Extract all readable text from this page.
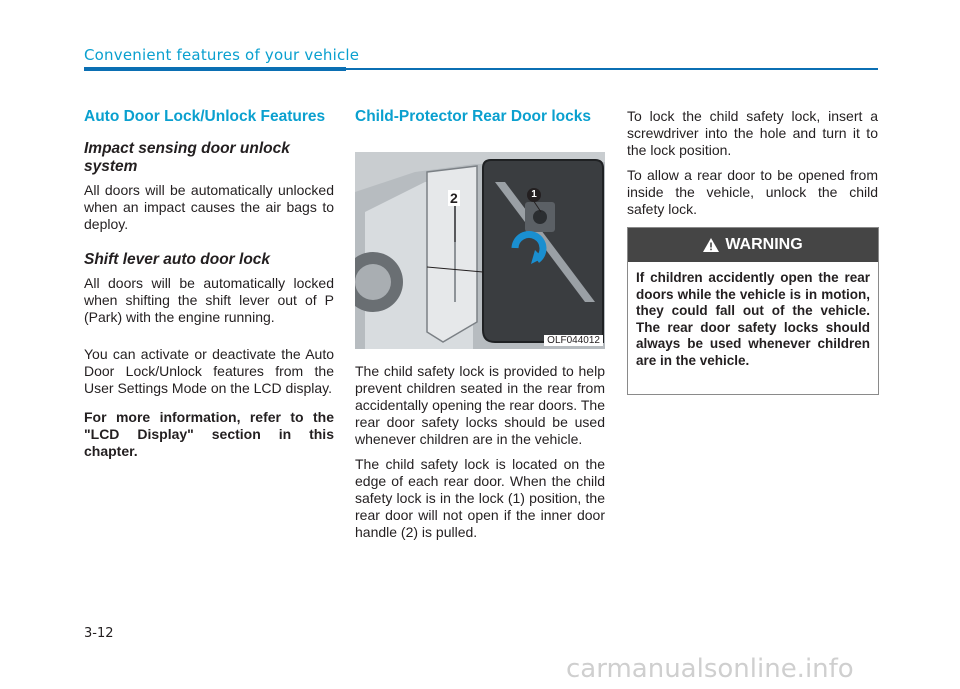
Convenient features of your vehicle
Auto Door Lock/Unlock Features
Impact sensing door unlock system

All doors will be automatically unlocked when an impact causes the air bags to deploy.

Shift lever auto door lock

All doors will be automatically locked when shifting the shift lever out of P (Park) with the engine running.

You can activate or deactivate the Auto Door Lock/Unlock features from the User Settings Mode on the LCD display.

For more information, refer to the "LCD Display" section in this chapter.

Child-Protector Rear Door locks
2	1
OLF044012

The child safety lock is provided to help prevent children seated in the rear from accidentally opening the rear doors. The rear door safety locks should be used whenever children are in the vehicle.

The child safety lock is located on the edge of each rear door. When the child safety lock is in the lock (1) position, the rear door will not open if the inner door handle (2) is pulled.

To lock the child safety lock, insert a screwdriver into the hole and turn it to the lock position.

To allow a rear door to be opened from inside the vehicle, unlock the child safety lock.

WARNING
If children accidently open the rear doors while the vehicle is in motion, they could fall out of the vehicle. The rear door safety locks should always be used whenever children are in the vehicle.
3-12
carmanualsonline.info
